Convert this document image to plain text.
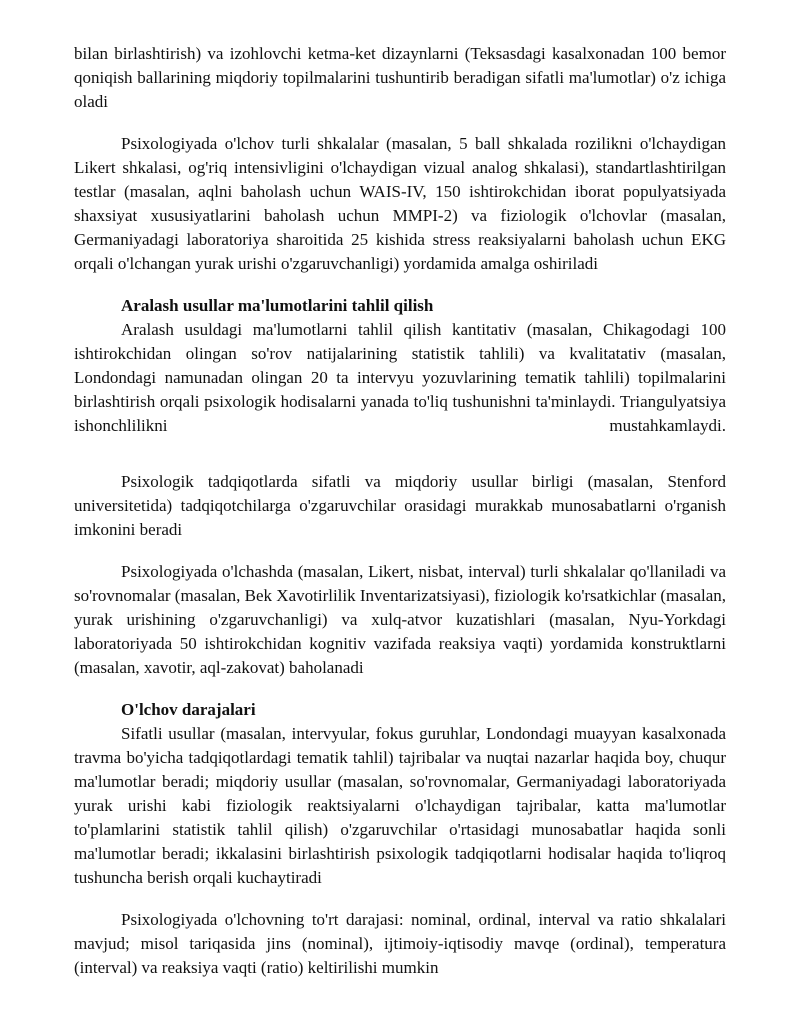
bilan birlashtirish) va izohlovchi ketma-ket dizaynlarni (Teksasdagi kasalxonadan 100 bemor qoniqish ballarining miqdoriy topilmalarini tushuntirib beradigan sifatli ma'lumotlar) o'z ichiga oladi

Psixologiyada o'lchov turli shkalalar (masalan, 5 ball shkalada rozilikni o'lchaydigan Likert shkalasi, og'riq intensivligini o'lchaydigan vizual analog shkalasi), standartlashtirilgan testlar (masalan, aqlni baholash uchun WAIS-IV, 150 ishtirokchidan iborat populyatsiyada shaxsiyat xususiyatlarini baholash uchun MMPI-2) va fiziologik o'lchovlar (masalan, Germaniyadagi laboratoriya sharoitida 25 kishida stress reaksiyalarni baholash uchun EKG orqali o'lchangan yurak urishi o'zgaruvchanligi) yordamida amalga oshiriladi

Aralash usullar ma'lumotlarini tahlil qilish

Aralash usuldagi ma'lumotlarni tahlil qilish kantitativ (masalan, Chikagodagi 100 ishtirokchidan olingan so'rov natijalarining statistik tahlili) va kvalitatativ (masalan, Londondagi namunadan olingan 20 ta intervyu yozuvlarining tematik tahlili) topilmalarini birlashtirish orqali psixologik hodisalarni yanada to'liq tushunishni ta'minlaydi. Triangulyatsiya ishonchlilikni mustahkamlaydi.

Psixologik tadqiqotlarda sifatli va miqdoriy usullar birligi (masalan, Stenford universitetida) tadqiqotchilarga o'zgaruvchilar orasidagi murakkab munosabatlarni o'rganish imkonini beradi

Psixologiyada o'lchashda (masalan, Likert, nisbat, interval) turli shkalalar qo'llaniladi va so'rovnomalar (masalan, Bek Xavotirlilik Inventarizatsiyasi), fiziologik ko'rsatkichlar (masalan, yurak urishining o'zgaruvchanligi) va xulq-atvor kuzatishlari (masalan, Nyu-Yorkdagi laboratoriyada 50 ishtirokchidan kognitiv vazifada reaksiya vaqti) yordamida konstruktlarni (masalan, xavotir, aql-zakovat) baholanadi

O'lchov darajalari

Sifatli usullar (masalan, intervyular, fokus guruhlar, Londondagi muayyan kasalxonada travma bo'yicha tadqiqotlardagi tematik tahlil) tajribalar va nuqtai nazarlar haqida boy, chuqur ma'lumotlar beradi; miqdoriy usullar (masalan, so'rovnomalar, Germaniyadagi laboratoriyada yurak urishi kabi fiziologik reaktsiyalarni o'lchaydigan tajribalar, katta ma'lumotlar to'plamlarini statistik tahlil qilish) o'zgaruvchilar o'rtasidagi munosabatlar haqida sonli ma'lumotlar beradi; ikkalasini birlashtirish psixologik tadqiqotlarni hodisalar haqida to'liqroq tushuncha berish orqali kuchaytiradi

Psixologiyada o'lchovning to'rt darajasi: nominal, ordinal, interval va ratio shkalalari mavjud; misol tariqasida jins (nominal), ijtimoiy-iqtisodiy mavqe (ordinal), temperatura (interval) va reaksiya vaqti (ratio) keltirilishi mumkin
